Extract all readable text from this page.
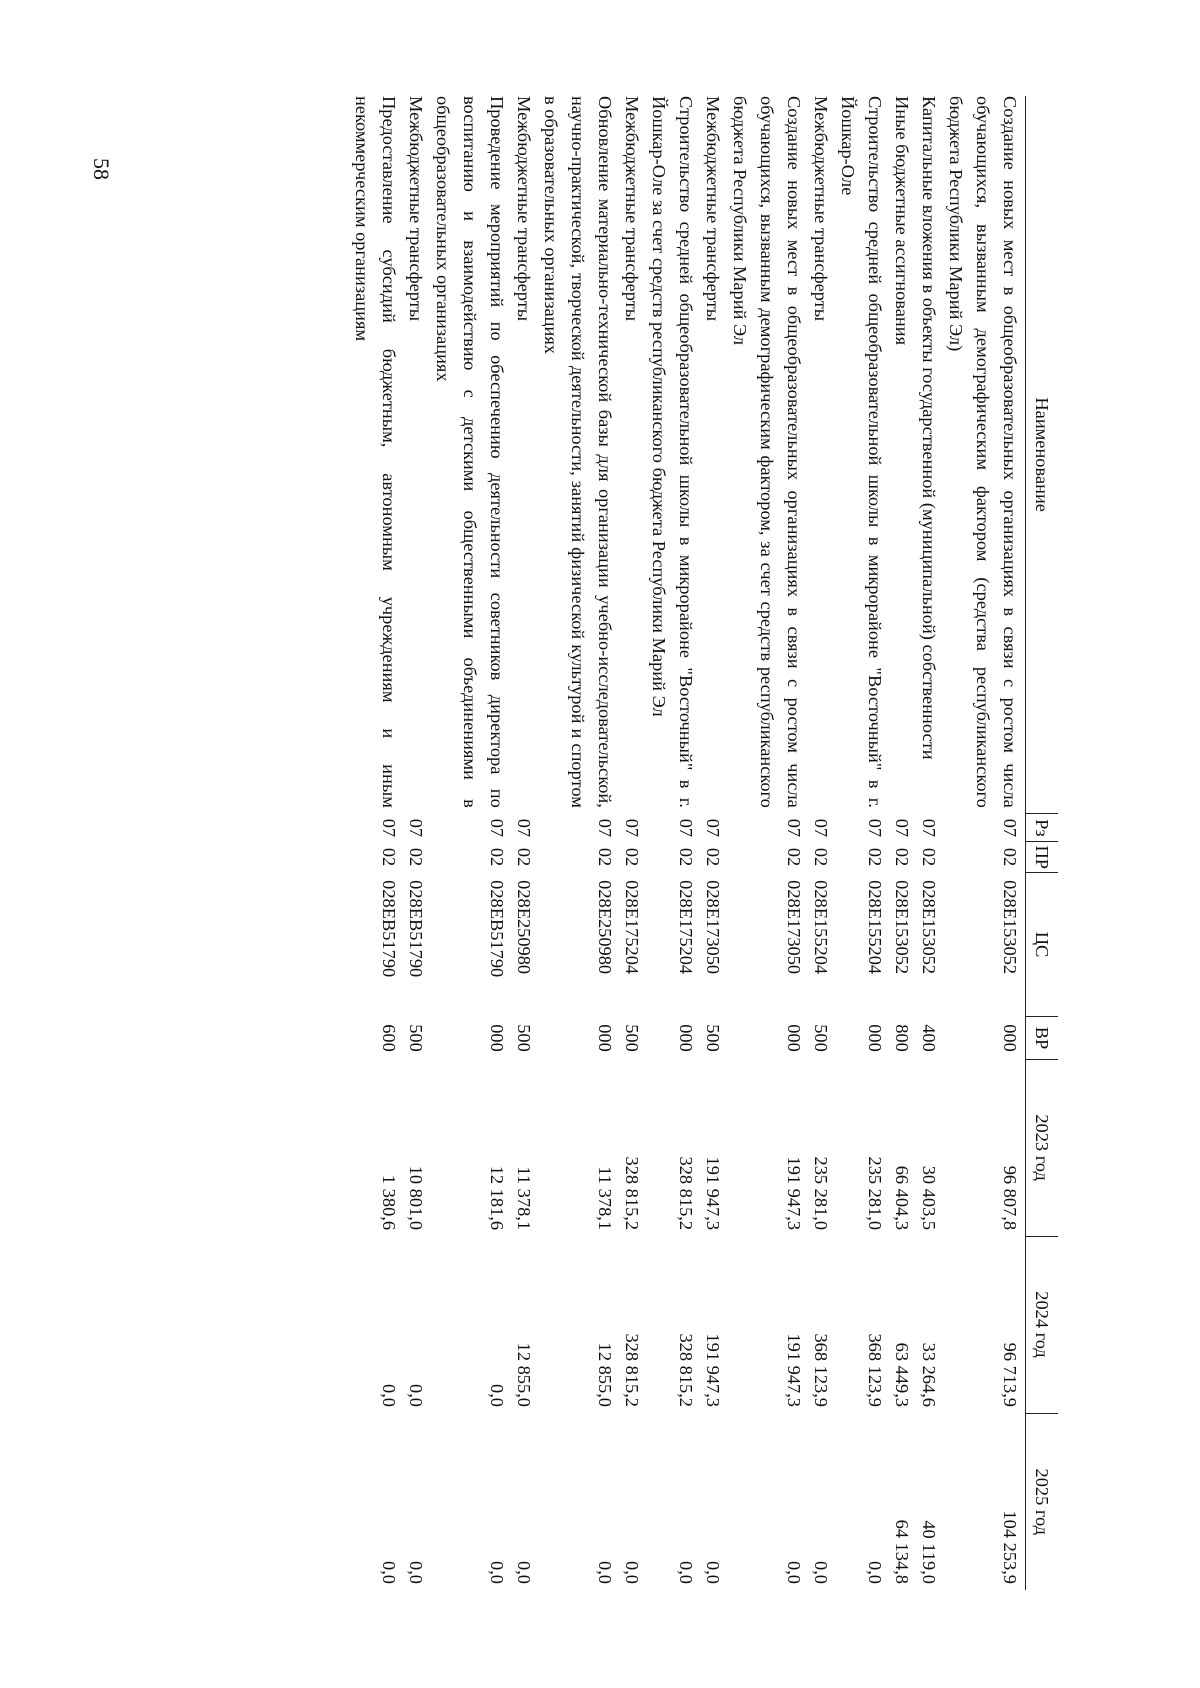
58
Наименование	Рз	ПР	ЦС	ВР	2023 год	2024 год	2025 год
Создание новых мест в общеобразовательных организациях в связи с ростом числа обучающихся, вызванным демографическим фактором (средства республиканского бюджета Республики Марий Эл)	07	02	028E153052	000	96 807,8	96 713,9	104 253,9
Капитальные вложения в объекты государственной (муниципальной) собственности	07	02	028E153052	400	30 403,5	33 264,6	40 119,0
Иные бюджетные ассигнования	07	02	028E153052	800	66 404,3	63 449,3	64 134,8
Строительство средней общеобразовательной школы в микрорайоне "Восточный" в г. Йошкар-Оле	07	02	028E155204	000	235 281,0	368 123,9	0,0
Межбюджетные трансферты	07	02	028E155204	500	235 281,0	368 123,9	0,0
Создание новых мест в общеобразовательных организациях в связи с ростом числа обучающихся, вызванным демографическим фактором, за счет средств республиканского бюджета Республики Марий Эл	07	02	028E173050	000	191 947,3	191 947,3	0,0
Межбюджетные трансферты	07	02	028E173050	500	191 947,3	191 947,3	0,0
Строительство средней общеобразовательной школы в микрорайоне "Восточный" в г. Йошкар-Оле за счет средств республиканского бюджета Республики Марий Эл	07	02	028E175204	000	328 815,2	328 815,2	0,0
Межбюджетные трансферты	07	02	028E175204	500	328 815,2	328 815,2	0,0
Обновление материально-технической базы для организации учебно-исследовательской, научно-практической, творческой деятельности, занятий физической культурой и спортом в образовательных организациях	07	02	028E250980	000	11 378,1	12 855,0	0,0
Межбюджетные трансферты	07	02	028E250980	500	11 378,1	12 855,0	0,0
Проведение мероприятий по обеспечению деятельности советников директора по воспитанию и взаимодействию с детскими общественными объединениями в общеобразовательных организациях	07	02	028EB51790	000	12 181,6	0,0	0,0
Межбюджетные трансферты	07	02	028EB51790	500	10 801,0	0,0	0,0
Предоставление субсидий бюджетным, автономным учреждениям и иным некоммерческим организациям	07	02	028EB51790	600	1 380,6	0,0	0,0
